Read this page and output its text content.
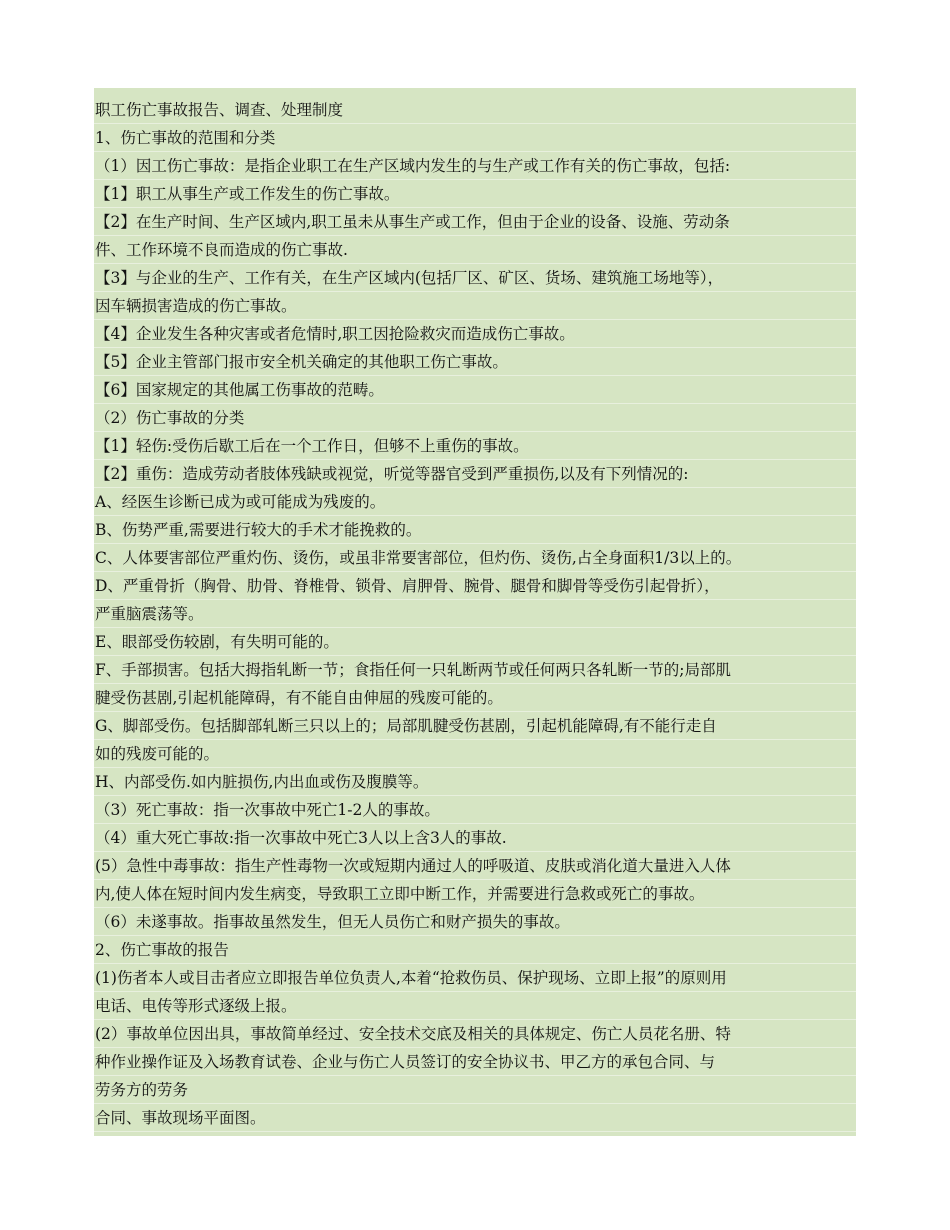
职工伤亡事故报告、调查、处理制度
1、伤亡事故的范围和分类
（1）因工伤亡事故：是指企业职工在生产区域内发生的与生产或工作有关的伤亡事故，包括:
【1】职工从事生产或工作发生的伤亡事故。
【2】在生产时间、生产区域内,职工虽未从事生产或工作，但由于企业的设备、设施、劳动条
件、工作环境不良而造成的伤亡事故.
【3】与企业的生产、工作有关，在生产区域内(包括厂区、矿区、货场、建筑施工场地等），
因车辆损害造成的伤亡事故。
【4】企业发生各种灾害或者危情时,职工因抢险救灾而造成伤亡事故。
【5】企业主管部门报市安全机关确定的其他职工伤亡事故。
【6】国家规定的其他属工伤事故的范畴。
（2）伤亡事故的分类
【1】轻伤:受伤后歇工后在一个工作日，但够不上重伤的事故。
【2】重伤：造成劳动者肢体残缺或视觉，听觉等器官受到严重损伤,以及有下列情况的:
A、经医生诊断已成为或可能成为残废的。
B、伤势严重,需要进行较大的手术才能挽救的。
C、人体要害部位严重灼伤、烫伤，或虽非常要害部位，但灼伤、烫伤,占全身面积1/3以上的。
D、严重骨折（胸骨、肋骨、脊椎骨、锁骨、肩胛骨、腕骨、腿骨和脚骨等受伤引起骨折），
严重脑震荡等。
E、眼部受伤较剧，有失明可能的。
F、手部损害。包括大拇指轧断一节；食指任何一只轧断两节或任何两只各轧断一节的;局部肌
腱受伤甚剧,引起机能障碍，有不能自由伸屈的残废可能的。
G、脚部受伤。包括脚部轧断三只以上的；局部肌腱受伤甚剧，引起机能障碍,有不能行走自
如的残废可能的。
H、内部受伤.如内脏损伤,内出血或伤及腹膜等。
（3）死亡事故：指一次事故中死亡1-2人的事故。
（4）重大死亡事故:指一次事故中死亡3人以上含3人的事故.
(5）急性中毒事故：指生产性毒物一次或短期内通过人的呼吸道、皮肤或消化道大量进入人体
内,使人体在短时间内发生病变，导致职工立即中断工作，并需要进行急救或死亡的事故。
（6）未遂事故。指事故虽然发生，但无人员伤亡和财产损失的事故。
2、伤亡事故的报告
(1)伤者本人或目击者应立即报告单位负责人,本着“抢救伤员、保护现场、立即上报”的原则用
电话、电传等形式逐级上报。
(2）事故单位因出具，事故简单经过、安全技术交底及相关的具体规定、伤亡人员花名册、特
种作业操作证及入场教育试卷、企业与伤亡人员签订的安全协议书、甲乙方的承包合同、与
劳务方的劳务
合同、事故现场平面图。
